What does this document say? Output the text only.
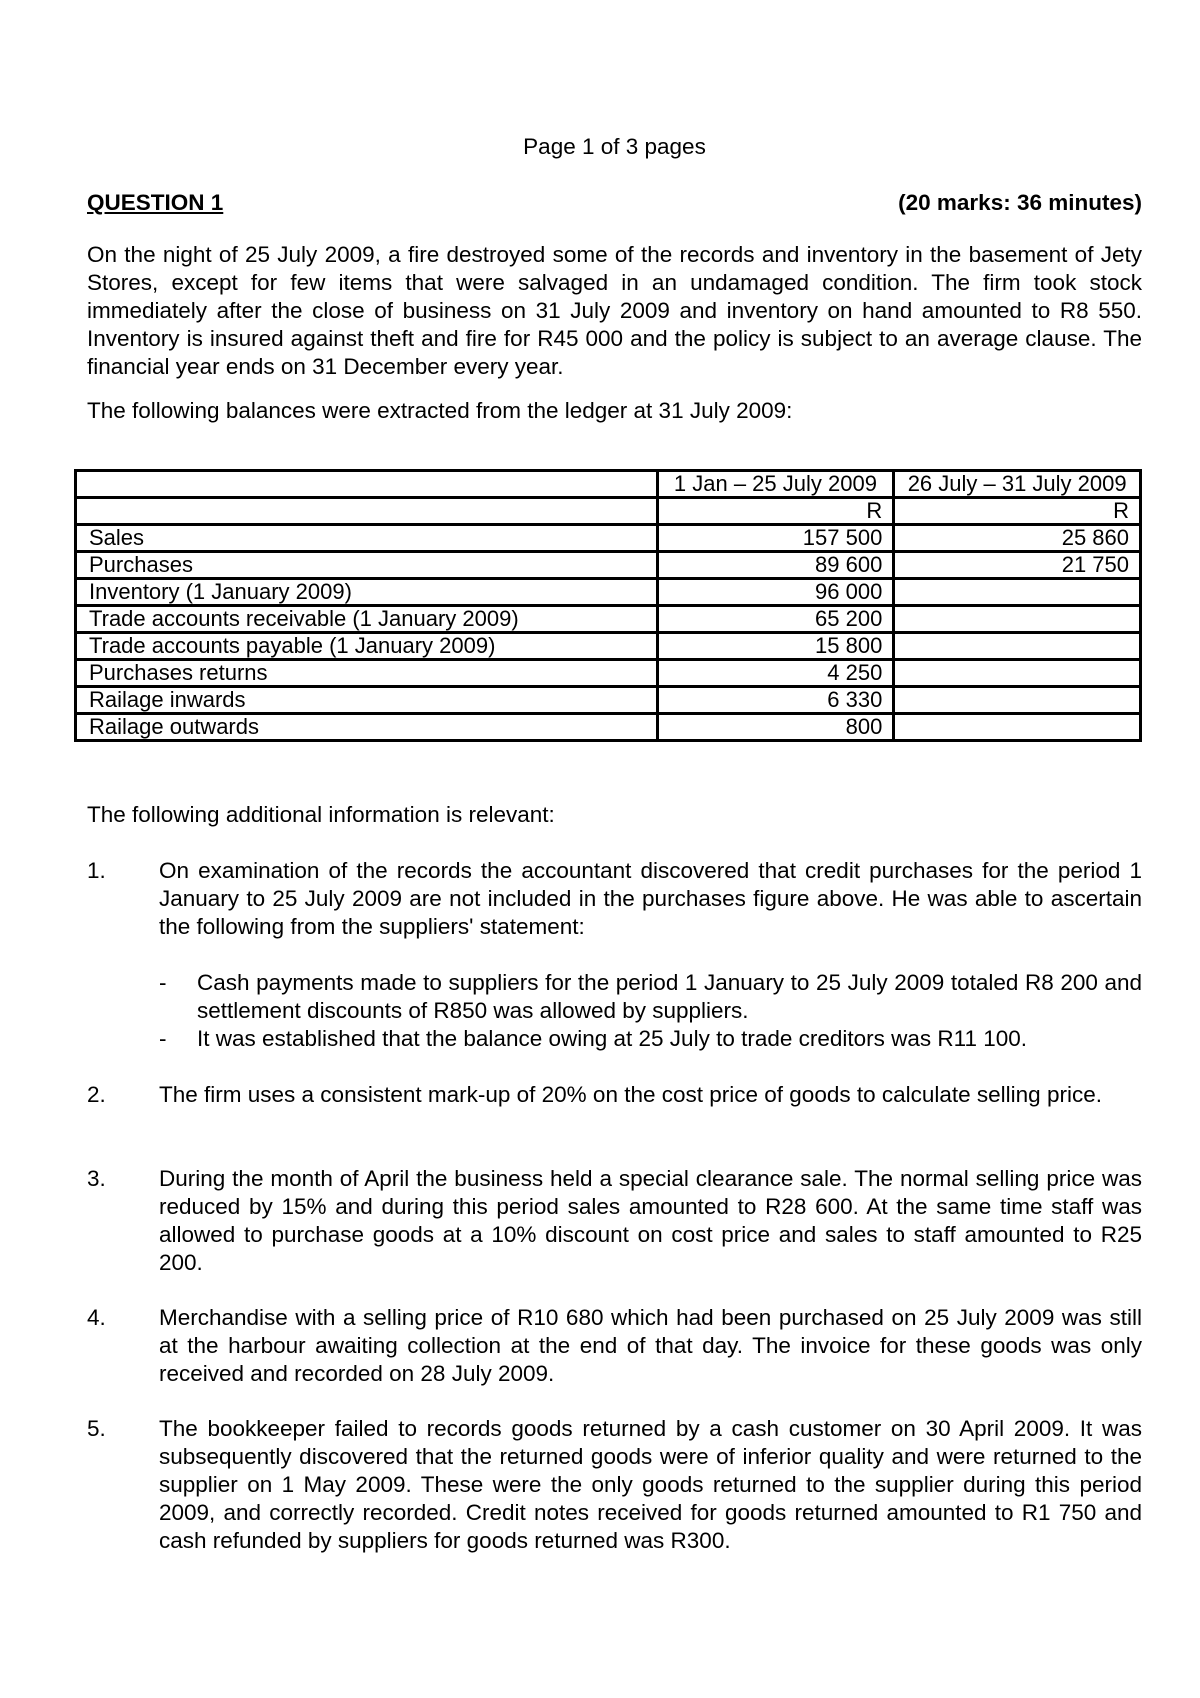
Page 1 of 3 pages
QUESTION 1	(20 marks: 36 minutes)
On the night of 25 July 2009, a fire destroyed some of the records and inventory in the basement of Jety Stores, except for few items that were salvaged in an undamaged condition. The firm took stock immediately after the close of business on 31 July 2009 and inventory on hand amounted to R8 550. Inventory is insured against theft and fire for R45 000 and the policy is subject to an average clause. The financial year ends on 31 December every year.
The following balances were extracted from the ledger at 31 July 2009:
	1 Jan – 25 July 2009	26 July – 31 July 2009
	R	R
Sales	157 500	25 860
Purchases	89 600	21 750
Inventory (1 January 2009)	96 000	
Trade accounts receivable (1 January 2009)	65 200	
Trade accounts payable (1 January 2009)	15 800	
Purchases returns	4 250	
Railage inwards	6 330	
Railage outwards	800	
The following additional information is relevant:
1. On examination of the records the accountant discovered that credit purchases for the period 1 January to 25 July 2009 are not included in the purchases figure above. He was able to ascertain the following from the suppliers' statement:
- Cash payments made to suppliers for the period 1 January to 25 July 2009 totaled R8 200 and settlement discounts of R850 was allowed by suppliers.
- It was established that the balance owing at 25 July to trade creditors was R11 100.
2. The firm uses a consistent mark-up of 20% on the cost price of goods to calculate selling price.
3. During the month of April the business held a special clearance sale. The normal selling price was reduced by 15% and during this period sales amounted to R28 600. At the same time staff was allowed to purchase goods at a 10% discount on cost price and sales to staff amounted to R25 200.
4. Merchandise with a selling price of R10 680 which had been purchased on 25 July 2009 was still at the harbour awaiting collection at the end of that day. The invoice for these goods was only received and recorded on 28 July 2009.
5. The bookkeeper failed to records goods returned by a cash customer on 30 April 2009. It was subsequently discovered that the returned goods were of inferior quality and were returned to the supplier on 1 May 2009. These were the only goods returned to the supplier during this period 2009, and correctly recorded. Credit notes received for goods returned amounted to R1 750 and cash refunded by suppliers for goods returned was R300.
